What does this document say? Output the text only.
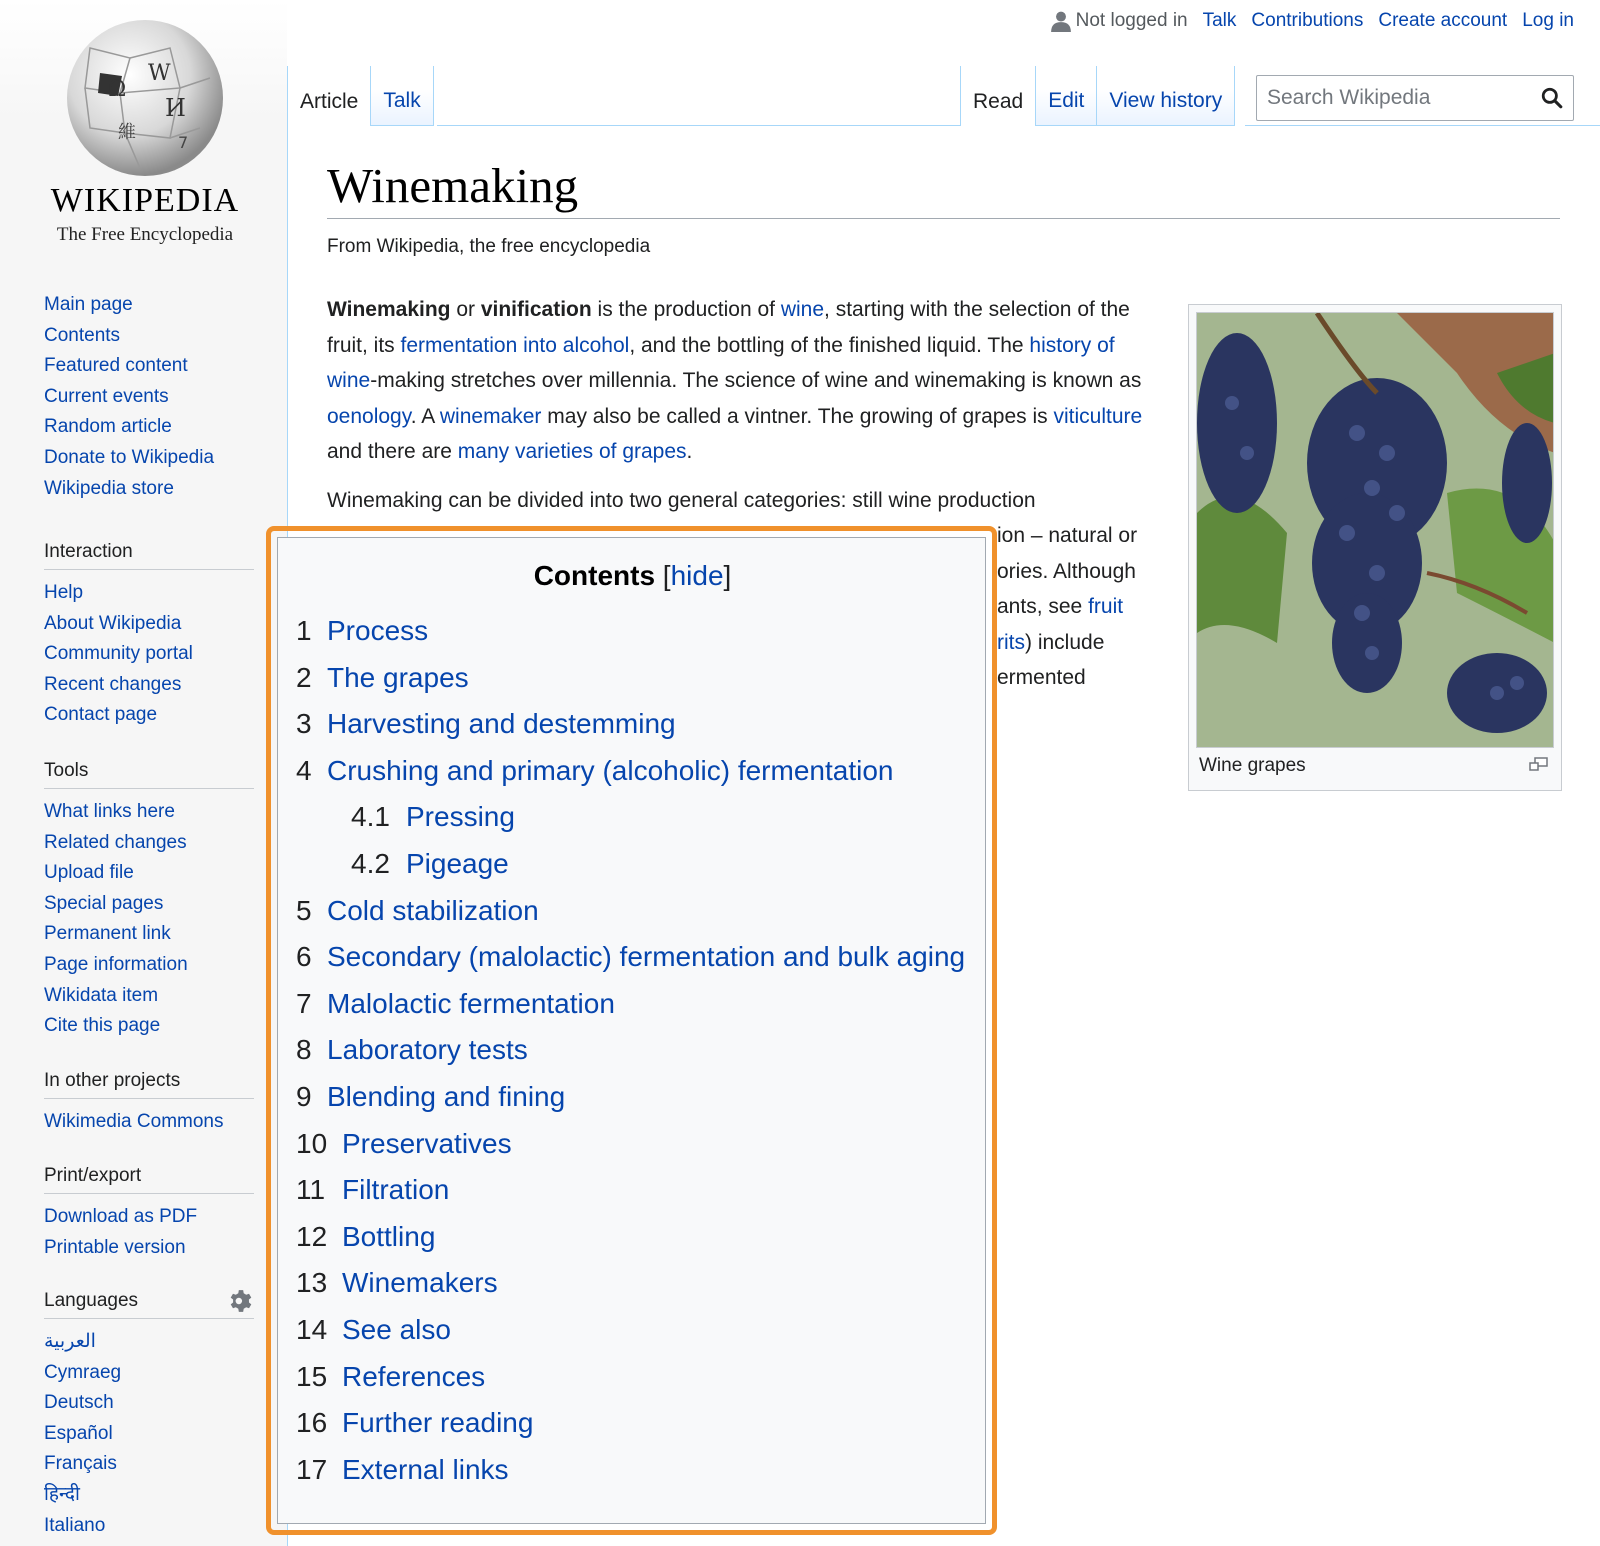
Ω
W
И
維	7
WIKIPEDIA
The Free Encyclopedia
Not logged in Talk Contributions Create account Log in
Article Talk	Read Edit View history Search Wikipedia
Main page
Contents
Featured content
Current events
Random article
Donate to Wikipedia
Wikipedia store
Interaction
Help
About Wikipedia
Community portal
Recent changes
Contact page
Tools
What links here
Related changes
Upload file
Special pages
Permanent link
Page information
Wikidata item
Cite this page
In other projects
Wikimedia Commons
Print/export
Download as PDF
Printable version
Languages
العربية
Cymraeg
Deutsch
Español
Français
हिन्दी
Italiano
Winemaking
From Wikipedia, the free encyclopedia
Winemaking or vinification is the production of wine, starting with the selection of the fruit, its fermentation into alcohol, and the bottling of the finished liquid. The history of wine-making stretches over millennia. The science of wine and winemaking is known as oenology. A winemaker may also be called a vintner. The growing of grapes is viticulture and there are many varieties of grapes.
Winemaking can be divided into two general categories: still wine production
ion – natural or
ories. Although
ants, see fruit
rits) include
ermented
Wine grapes
Contents [hide]
1 Process
2 The grapes
3 Harvesting and destemming
4 Crushing and primary (alcoholic) fermentation
4.1 Pressing
4.2 Pigeage
5 Cold stabilization
6 Secondary (malolactic) fermentation and bulk aging
7 Malolactic fermentation
8 Laboratory tests
9 Blending and fining
10 Preservatives
11 Filtration
12 Bottling
13 Winemakers
14 See also
15 References
16 Further reading
17 External links
